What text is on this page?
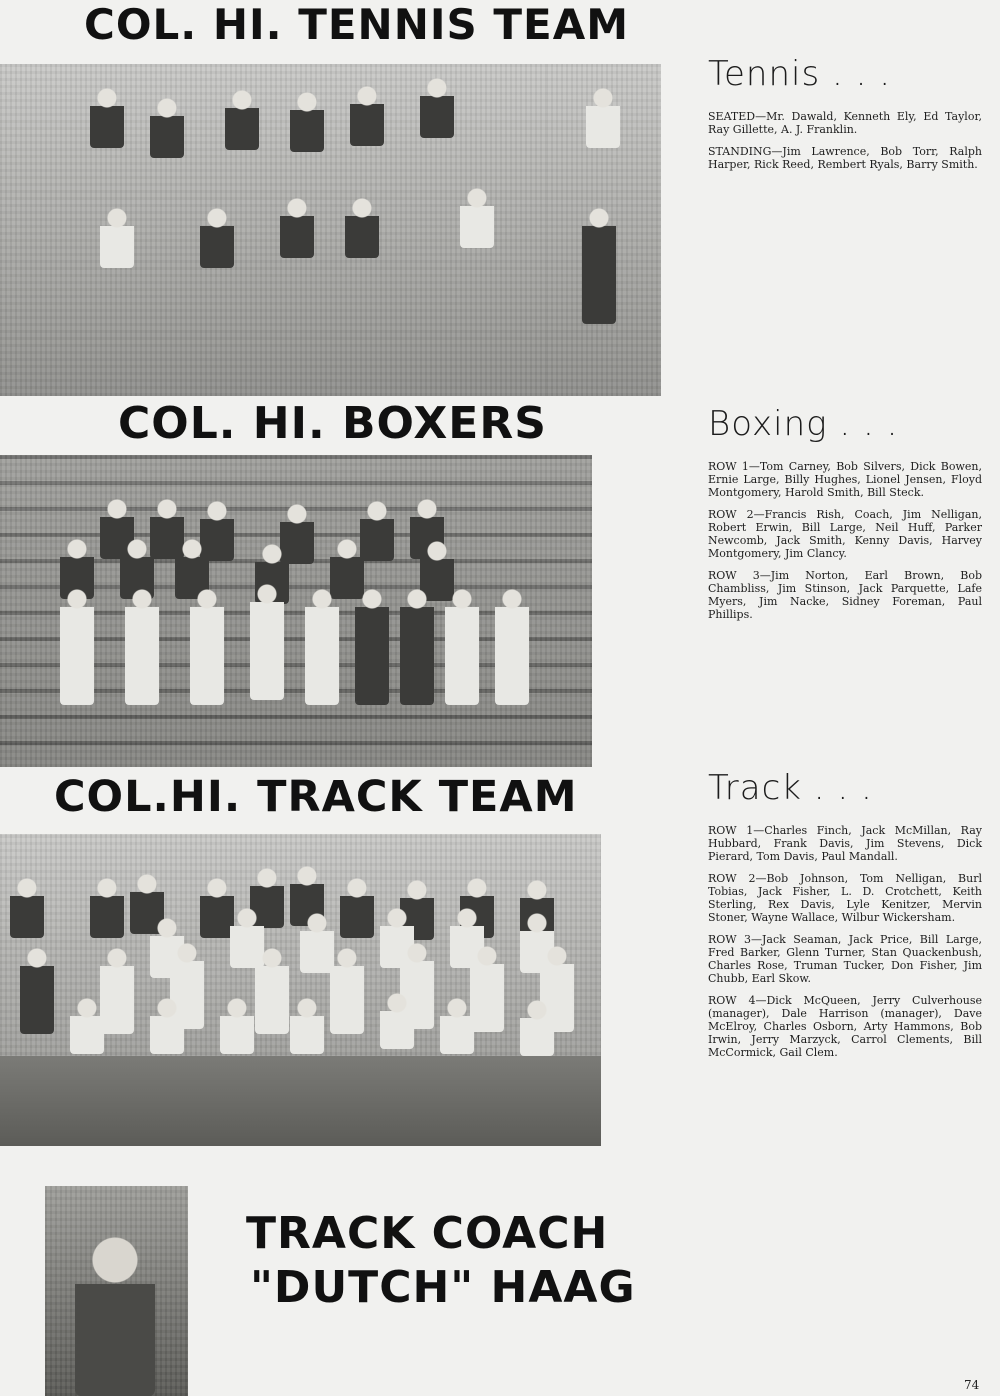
COL. HI. TENNIS TEAM
Tennis . . .

SEATED—Mr. Dawald, Kenneth Ely, Ed Taylor, Ray Gillette, A. J. Franklin.

STANDING—Jim Lawrence, Bob Torr, Ralph Harper, Rick Reed, Rembert Ryals, Barry Smith.

COL. HI. BOXERS	Boxing . . .

ROW 1—Tom Carney, Bob Silvers, Dick Bowen, Ernie Large, Billy Hughes, Lionel Jensen, Floyd Montgomery, Harold Smith, Bill Steck.

ROW 2—Francis Rish, Coach, Jim Nelligan, Robert Erwin, Bill Large, Neil Huff, Parker Newcomb, Jack Smith, Kenny Davis, Harvey Montgomery, Jim Clancy.

ROW 3—Jim Norton, Earl Brown, Bob Chambliss, Jim Stinson, Jack Parquette, Lafe Myers, Jim Nacke, Sidney Foreman, Paul Phillips.

COL.HI. TRACK TEAM	Track . . .

ROW 1—Charles Finch, Jack McMillan, Ray Hubbard, Frank Davis, Jim Stevens, Dick Pierard, Tom Davis, Paul Mandall.

ROW 2—Bob Johnson, Tom Nelligan, Burl Tobias, Jack Fisher, L. D. Crotchett, Keith Sterling, Rex Davis, Lyle Kenitzer, Mervin Stoner, Wayne Wallace, Wilbur Wickersham.

ROW 3—Jack Seaman, Jack Price, Bill Large, Fred Barker, Glenn Turner, Stan Quackenbush, Charles Rose, Truman Tucker, Don Fisher, Jim Chubb, Earl Skow.

ROW 4—Dick McQueen, Jerry Culverhouse (manager), Dale Harrison (manager), Dave McElroy, Charles Osborn, Arty Hammons, Bob Irwin, Jerry Marzyck, Carrol Clements, Bill McCormick, Gail Clem.

TRACK COACH
"DUTCH" HAAG
74
